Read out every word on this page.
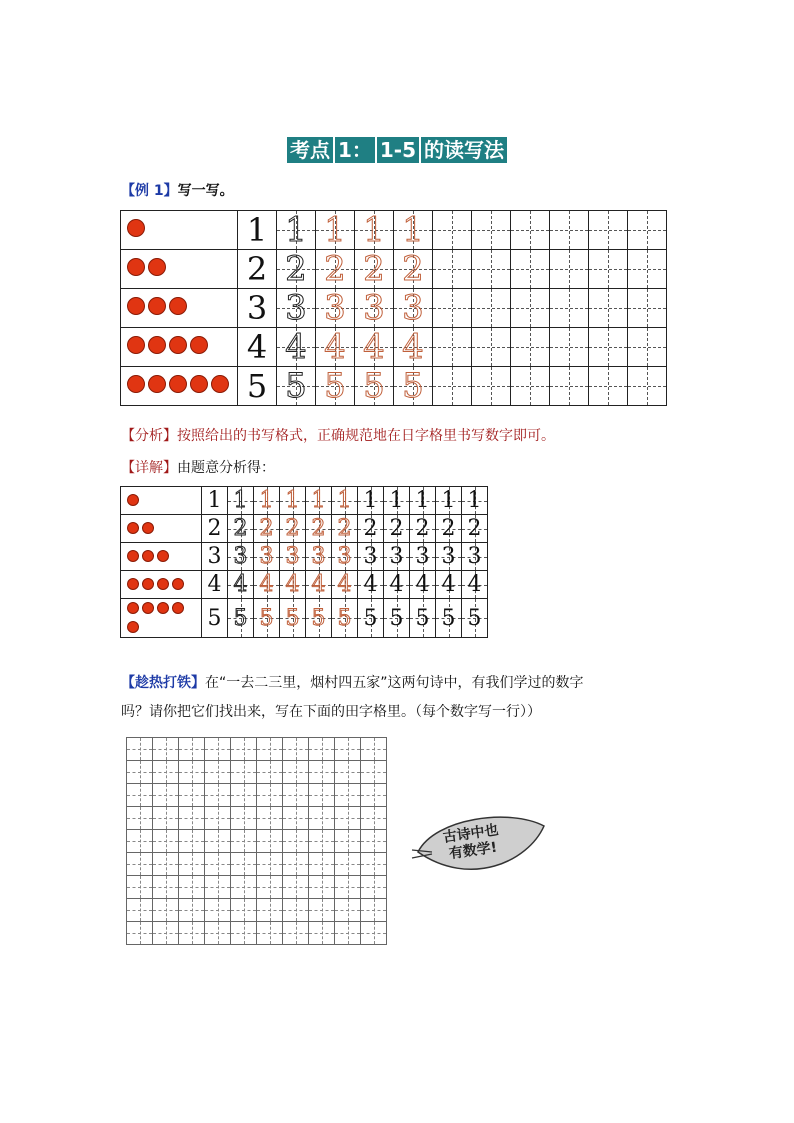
考点 1： 1-5 的读写法
【例 1】写一写。
	1	1	1	1	1						

	2	2	2	2	2						

	3	3	3	3	3						

	4	4	4	4	4						

	5	5	5	5	5						

【分析】按照给出的书写格式，正确规范地在日字格里书写数字即可。
【详解】由题意分析得：
	1	1	1	1	1	1	1	1	1	1	1

	2	2	2	2	2	2	2	2	2	2	2

	3	3	3	3	3	3	3	3	3	3	3

	4	4	4	4	4	4	4	4	4	4	4

	5	5	5	5	5	5	5	5	5	5	5
【趁热打铁】在“一去二三里，烟村四五家”这两句诗中，有我们学过的数字
吗？请你把它们找出来，写在下面的田字格里。（每个数字写一行））

古诗中也
有数学!
